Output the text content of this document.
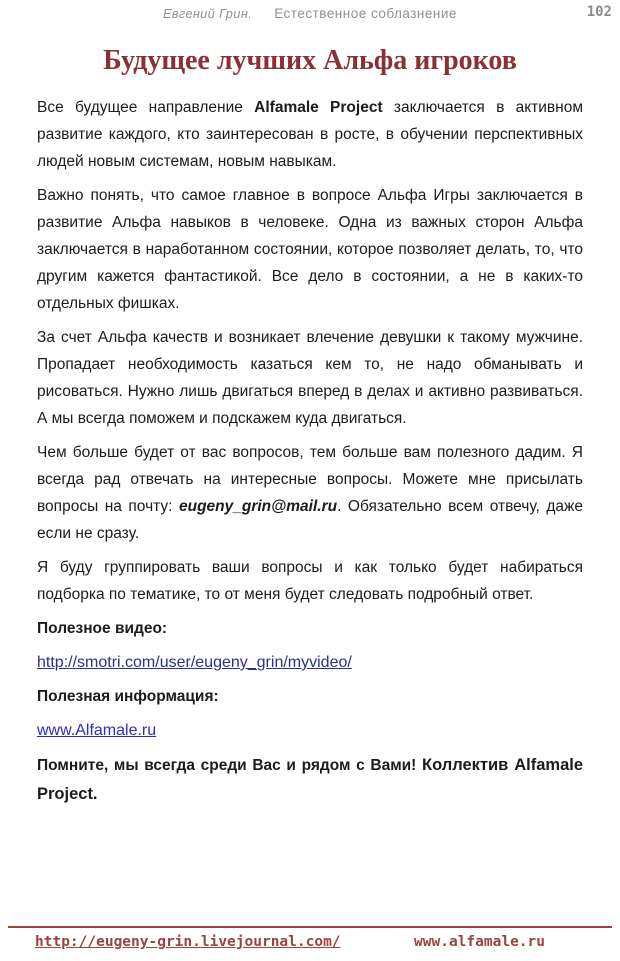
Евгений Грин. Естественное соблазнение	102
Будущее лучших Альфа игроков

Все будущее направление Alfamale Project заключается в активном развитие каждого, кто заинтересован в росте, в обучении перспективных людей новым системам, новым навыкам.

Важно понять, что самое главное в вопросе Альфа Игры заключается в развитие Альфа навыков в человеке. Одна из важных сторон Альфа заключается в наработанном состоянии, которое позволяет делать, то, что другим кажется фантастикой. Все дело в состоянии, а не в каких-то отдельных фишках.

За счет Альфа качеств и возникает влечение девушки к такому мужчине. Пропадает необходимость казаться кем то, не надо обманывать и рисоваться. Нужно лишь двигаться вперед в делах и активно развиваться. А мы всегда поможем и подскажем куда двигаться.

Чем больше будет от вас вопросов, тем больше вам полезного дадим. Я всегда рад отвечать на интересные вопросы. Можете мне присылать вопросы на почту: eugeny_grin@mail.ru. Обязательно всем отвечу, даже если не сразу.

Я буду группировать ваши вопросы и как только будет набираться подборка по тематике, то от меня будет следовать подробный ответ.

Полезное видео:

http://smotri.com/user/eugeny_grin/myvideo/

Полезная информация:

www.Alfamale.ru

Помните, мы всегда среди Вас и рядом с Вами! Коллектив Alfamale Project.

http://eugeny-grin.livejournal.com/	www.alfamale.ru
